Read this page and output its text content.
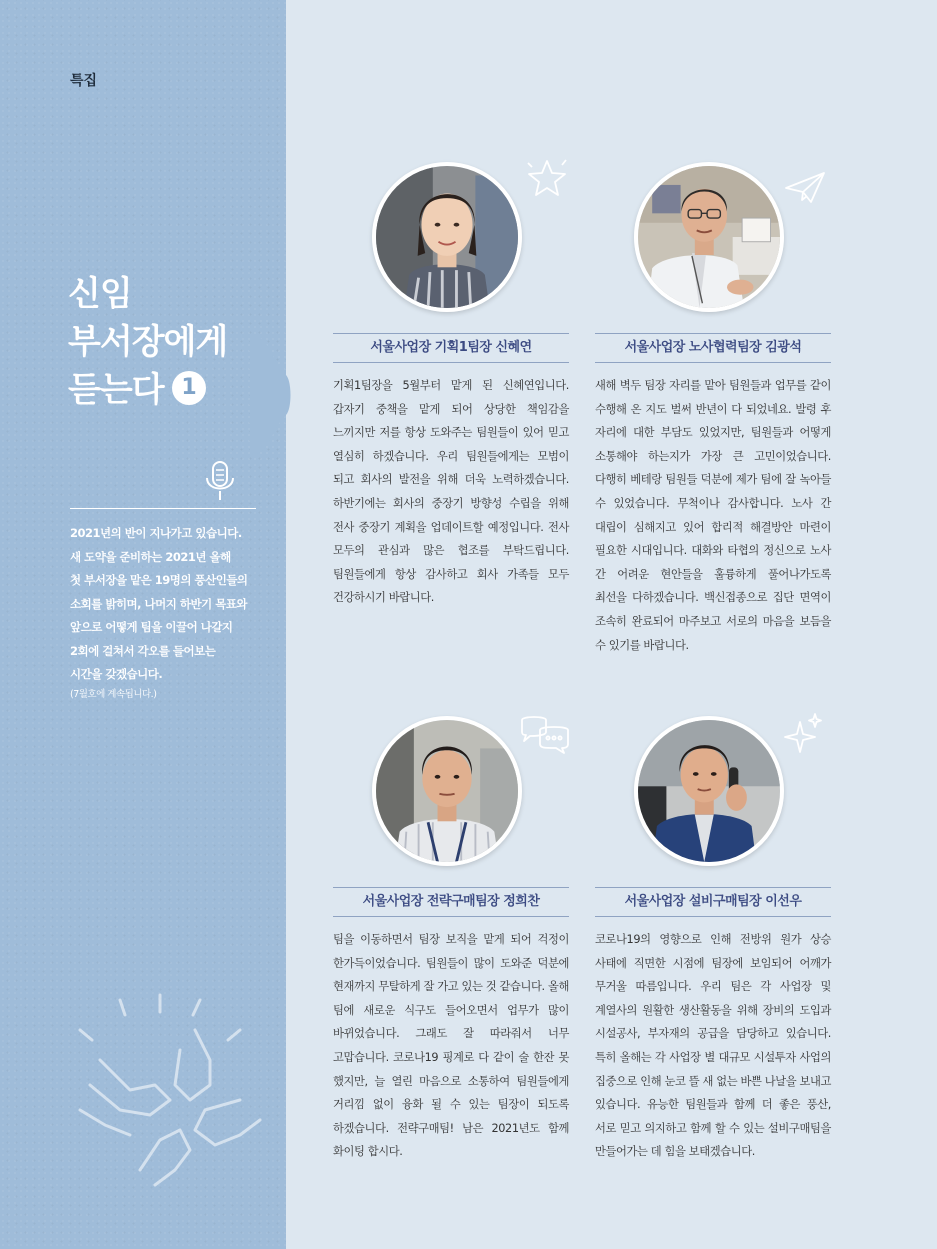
특집
신임
부서장에게
듣는다 1
2021년의 반이 지나가고 있습니다.
새 도약을 준비하는 2021년 올해
첫 부서장을 맡은 19명의 풍산인들의
소회를 밝히며, 나머지 하반기 목표와
앞으로 어떻게 팀을 이끌어 나갈지
2회에 걸쳐서 각오를 들어보는
시간을 갖겠습니다.
(7월호에 계속됩니다.)
서울사업장 기획1팀장 신혜연
기획1팀장을 5월부터 맡게 된 신혜연입니다. 갑자기 중책을 맡게 되어 상당한 책임감을 느끼지만 저를 항상 도와주는 팀원들이 있어 믿고 열심히 하겠습니다. 우리 팀원들에게는 모범이 되고 회사의 발전을 위해 더욱 노력하겠습니다. 하반기에는 회사의 중장기 방향성 수립을 위해 전사 중장기 계획을 업데이트할 예정입니다. 전사 모두의 관심과 많은 협조를 부탁드립니다. 팀원들에게 항상 감사하고 회사 가족들 모두 건강하시기 바랍니다.
서울사업장 노사협력팀장 김광석
새해 벽두 팀장 자리를 맡아 팀원들과 업무를 같이 수행해 온 지도 벌써 반년이 다 되었네요. 발령 후 자리에 대한 부담도 있었지만, 팀원들과 어떻게 소통해야 하는지가 가장 큰 고민이었습니다. 다행히 베테랑 팀원들 덕분에 제가 팀에 잘 녹아들 수 있었습니다. 무척이나 감사합니다. 노사 간 대립이 심해지고 있어 합리적 해결방안 마련이 필요한 시대입니다. 대화와 타협의 정신으로 노사 간 어려운 현안들을 훌륭하게 풀어나가도록 최선을 다하겠습니다. 백신접종으로 집단 면역이 조속히 완료되어 마주보고 서로의 마음을 보듬을 수 있기를 바랍니다.
서울사업장 전략구매팀장 정희찬
팀을 이동하면서 팀장 보직을 맡게 되어 걱정이 한가득이었습니다. 팀원들이 많이 도와준 덕분에 현재까지 무탈하게 잘 가고 있는 것 같습니다. 올해 팀에 새로운 식구도 들어오면서 업무가 많이 바뀌었습니다. 그래도 잘 따라줘서 너무 고맙습니다. 코로나19 핑계로 다 같이 술 한잔 못 했지만, 늘 열린 마음으로 소통하여 팀원들에게 거리낌 없이 융화 될 수 있는 팀장이 되도록 하겠습니다. 전략구매팀! 남은 2021년도 함께 화이팅 합시다.
서울사업장 설비구매팀장 이선우
코로나19의 영향으로 인해 전방위 원가 상승 사태에 직면한 시점에 팀장에 보임되어 어깨가 무거울 따름입니다. 우리 팀은 각 사업장 및 계열사의 원활한 생산활동을 위해 장비의 도입과 시설공사, 부자재의 공급을 담당하고 있습니다. 특히 올해는 각 사업장 별 대규모 시설투자 사업의 집중으로 인해 눈코 뜰 새 없는 바쁜 나날을 보내고 있습니다. 유능한 팀원들과 함께 더 좋은 풍산, 서로 믿고 의지하고 함께 할 수 있는 설비구매팀을 만들어가는 데 힘을 보태겠습니다.
